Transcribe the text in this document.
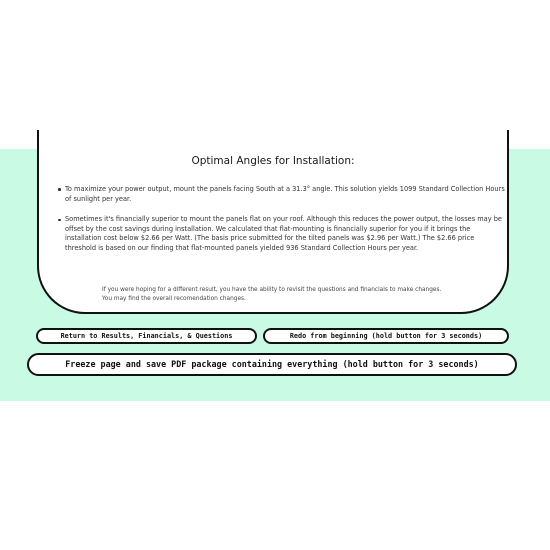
Optimal Angles for Installation:
To maximize your power output, mount the panels facing South at a 31.3° angle. This solution yields 1099 Standard Collection Hours of sunlight per year.
Sometimes it's financially superior to mount the panels flat on your roof. Although this reduces the power output, the losses may be offset by the cost savings during installation. We calculated that flat-mounting is financially superior for you if it brings the installation cost below $2.66 per Watt. (The basis price submitted for the tilted panels was $2.96 per Watt.) The $2.66 price threshold is based on our finding that flat-mounted panels yielded 936 Standard Collection Hours per year.

If you were hoping for a different result, you have the ability to revisit the questions and financials to make changes. You may find the overall recomendation changes.

Return to Results, Financials, & Questions	Redo from beginning (hold button for 3 seconds)
Freeze page and save PDF package containing everything (hold button for 3 seconds)
